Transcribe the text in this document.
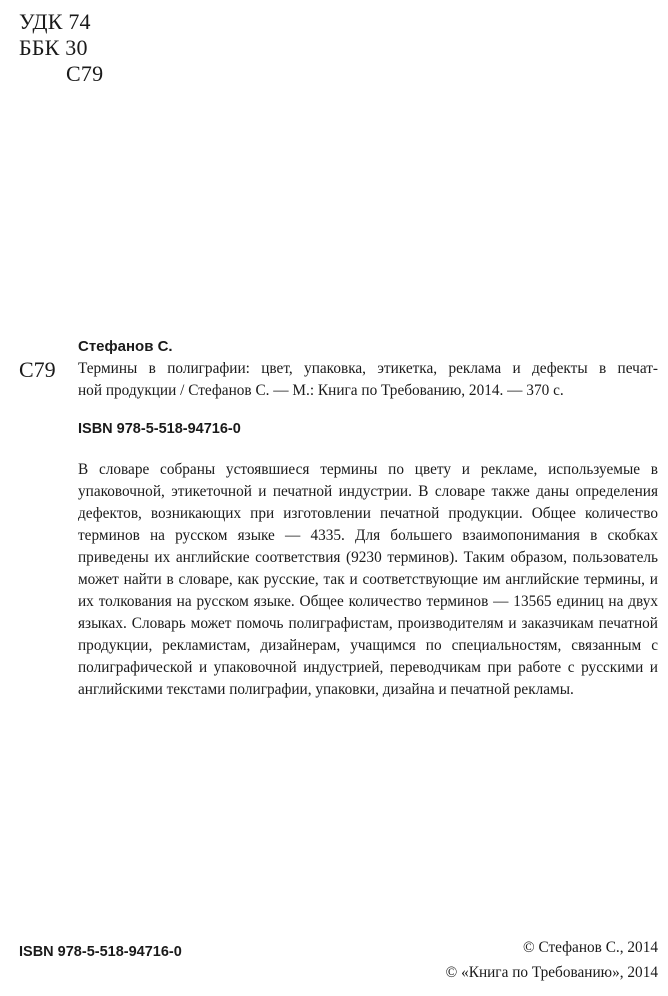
УДК 74
ББК 30
С79
С79
Стефанов С.
Термины в полиграфии: цвет, упаковка, этикетка, реклама и дефекты в печат-
ной продукции / Стефанов С. — М.: Книга по Требованию, 2014. — 370 с.
ISBN 978-5-518-94716-0
В словаре собраны устоявшиеся термины по цвету и рекламе, используемые в упаковочной, этикеточной и печатной индустрии. В словаре также даны определения дефектов, возникающих при изготовлении печатной продукции. Общее количество терминов на русском языке — 4335. Для большего взаимопонимания в скобках приведены их английские соответствия (9230 терминов). Таким образом, пользователь может найти в словаре, как русские, так и соответствующие им английские термины, и их толкования на русском языке. Общее количество терминов — 13565 единиц на двух языках. Словарь может помочь полиграфистам, производителям и заказчикам печатной продукции, рекламистам, дизайнерам, учащимся по специальностям, связанным с полиграфической и упаковочной индустрией, переводчикам при работе с русскими и английскими текстами полиграфии, упаковки, дизайна и печатной рекламы.
ISBN 978-5-518-94716-0	© Стефанов С., 2014
© «Книга по Требованию», 2014
